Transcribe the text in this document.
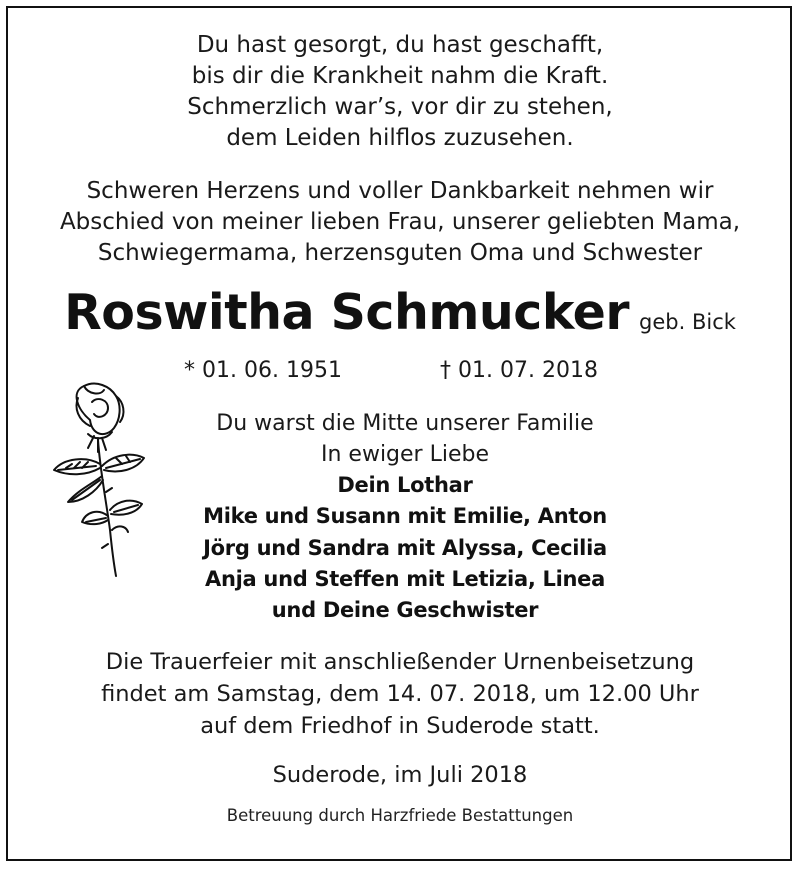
Du hast gesorgt, du hast geschafft,

bis dir die Krankheit nahm die Kraft.

Schmerzlich war’s, vor dir zu stehen,

dem Leiden hilflos zuzusehen.

Schweren Herzens und voller Dankbarkeit nehmen wir

Abschied von meiner lieben Frau, unserer geliebten Mama,

Schwiegermama, herzensguten Oma und Schwester

Roswitha Schmucker geb. Bick
* 01. 06. 1951	† 01. 07. 2018

Du warst die Mitte unserer Familie

In ewiger Liebe

Dein Lothar

Mike und Susann mit Emilie, Anton

Jörg und Sandra mit Alyssa, Cecilia

Anja und Steffen mit Letizia, Linea

und Deine Geschwister

Die Trauerfeier mit anschließender Urnenbeisetzung

findet am Samstag, dem 14. 07. 2018, um 12.00 Uhr

auf dem Friedhof in Suderode statt.

Suderode, im Juli 2018

Betreuung durch Harzfriede Bestattungen
